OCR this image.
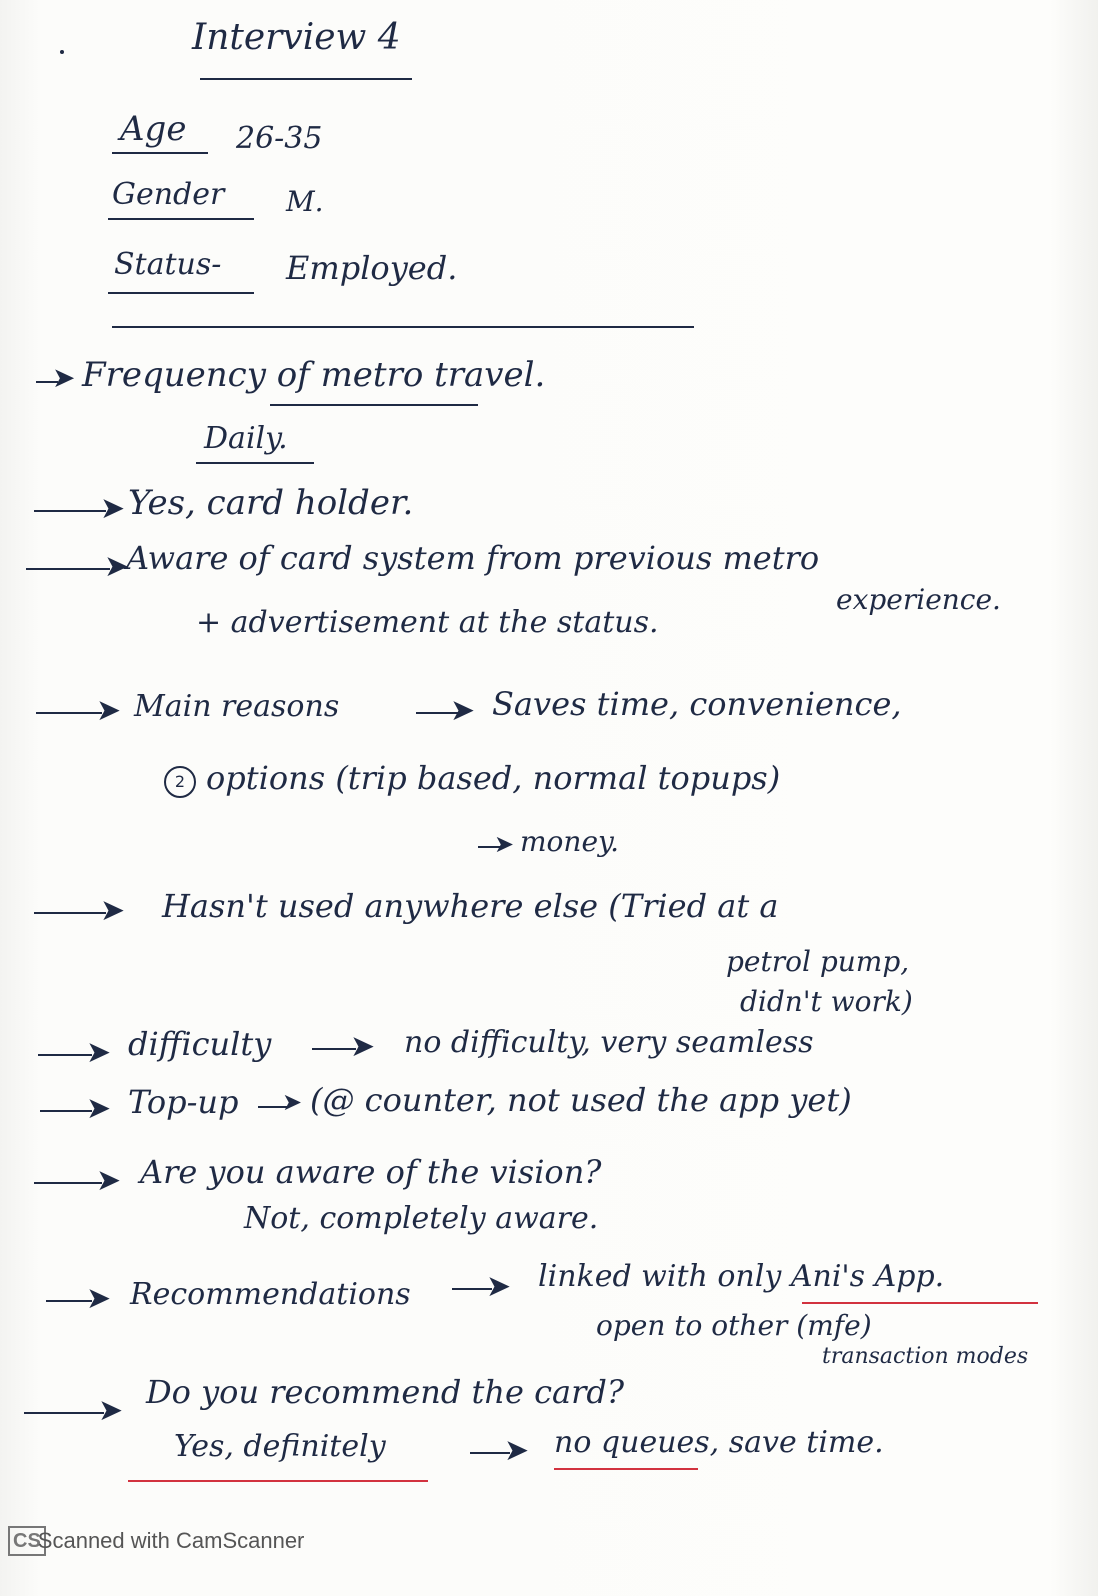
Interview 4
Age 26-35
Gender M.
Status- Employed.
➤ Frequency of metro travel.
Daily.
➤ Yes, card holder.
➤
Aware of card system from previous metro
+ advertisement at the status.
experience.
➤ Main reasons	➤ Saves time, convenience,
2 options (trip based, normal topups)
➤ money.
➤ Hasn't used anywhere else (Tried at a
petrol pump,
didn't work)
➤ difficulty	➤ no difficulty, very seamless
➤ Top-up ➤ (@ counter, not used the app yet)
➤ Are you aware of the vision?
Not, completely aware.
➤ Recommendations	➤ linked with only Ani's App.
open to other (mfe)
transaction modes
➤ Do you recommend the card?
Yes, definitely	➤ no queues, save time.
CS
Scanned with CamScanner
